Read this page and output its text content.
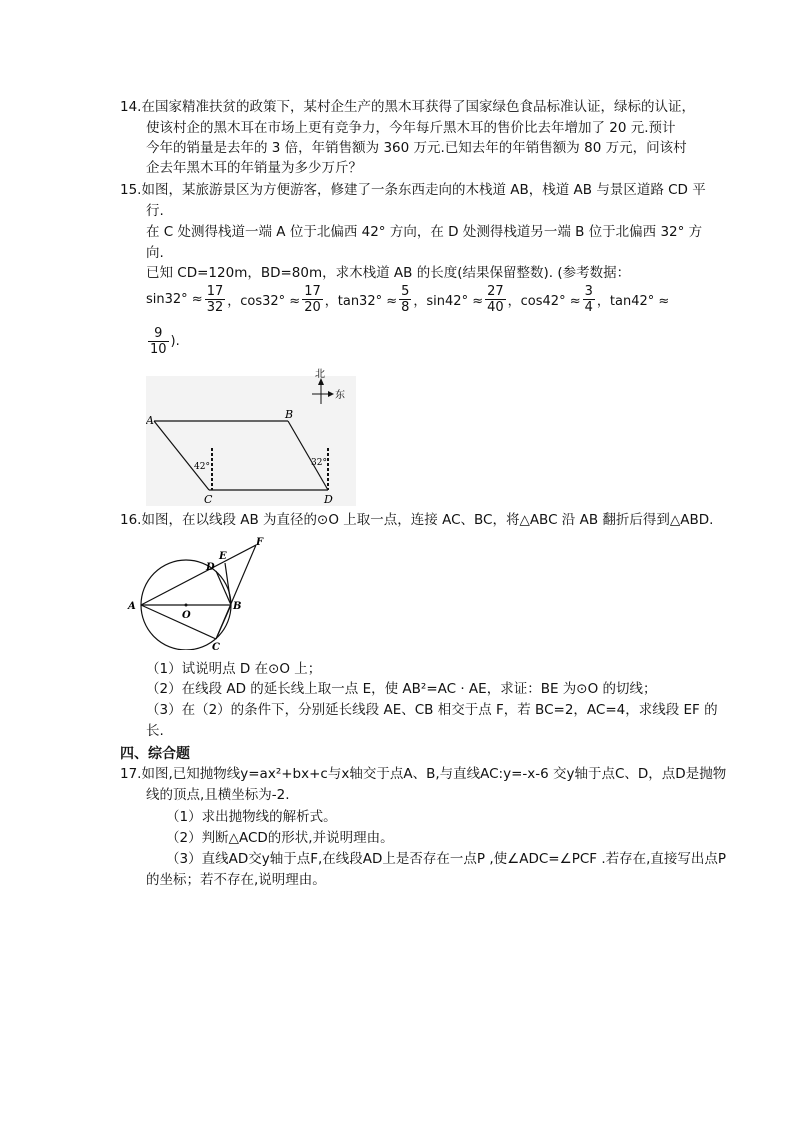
14.在国家精准扶贫的政策下，某村企生产的黑木耳获得了国家绿色食品标准认证，绿标的认证，
使该村企的黑木耳在市场上更有竞争力，今年每斤黑木耳的售价比去年增加了 20 元.预计
今年的销量是去年的 3 倍，年销售额为 360 万元.已知去年的年销售额为 80 万元，问该村
企去年黑木耳的年销量为多少万斤？
15.如图，某旅游景区为方便游客，修建了一条东西走向的木栈道 AB，栈道 AB 与景区道路 CD 平
行.
在 C 处测得栈道一端 A 位于北偏西 42° 方向，在 D 处测得栈道另一端 B 位于北偏西 32° 方
向.
已知 CD=120m，BD=80m，求木栈道 AB 的长度(结果保留整数). (参考数据：
$\sin 32^\circ \approx \frac{17}{32}$ ，$\cos 32^\circ \approx \frac{17}{20}$ ，$\tan 32^\circ \approx \frac{5}{8}$ ，$\sin 42^\circ \approx \frac{27}{40}$ ，$\cos 42^\circ \approx \frac{3}{4}$ ，tan42° ≈
$\frac{9}{10}$ ).
北
东
42°	32°
A	B
C	D
16.如图，在以线段 AB 为直径的⊙O 上取一点，连接 AC、BC，将△ABC 沿 AB 翻折后得到△ABD.
A	B
C
D
E
F
O
（1）试说明点 D 在⊙O 上；
（2）在线段 AD 的延长线上取一点 E，使 AB²=AC · AE，求证：BE 为⊙O 的切线；
（3）在（2）的条件下，分别延长线段 AE、CB 相交于点 F，若 BC=2，AC=4，求线段 EF 的
长.
四、综合题
17.如图,已知抛物线y=ax²+bx+c与x轴交于点A、B,与直线AC:y=-x-6 交y轴于点C、D，点D是抛物
线的顶点,且横坐标为-2.
（1）求出抛物线的解析式。
（2）判断△ACD的形状,并说明理由。
（3）直线AD交y轴于点F,在线段AD上是否存在一点P ,使∠ADC=∠PCF .若存在,直接写出点P
的坐标；若不存在,说明理由。
